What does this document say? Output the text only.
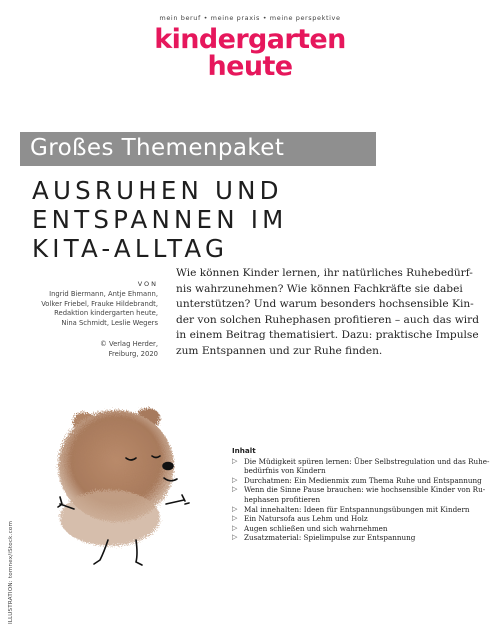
mein beruf • meine praxis • meine perspektive
kindergarten
heute
Großes Themenpaket
AUSRUHEN UND
ENTSPANNEN IM
KITA-ALLTAG
VON
Ingrid Biermann, Antje Ehmann,
Volker Friebel, Frauke Hildebrandt,
Redaktion kindergarten heute,
Nina Schmidt, Leslie Wegers
© Verlag Herder,
Freiburg, 2020
Wie können Kinder lernen, ihr natürliches Ruhebedürf-
nis wahrzunehmen? Wie können Fachkräfte sie dabei
unterstützen? Und warum besonders hochsensible Kin-
der von solchen Ruhephasen profitieren – auch das wird
in einem Beitrag thematisiert. Dazu: praktische Impulse
zum Entspannen und zur Ruhe finden.
Inhalt
▷ Die Müdigkeit spüren lernen: Über Selbstregulation und das Ruhe-
bedürfnis von Kindern
▷ Durchatmen: Ein Medienmix zum Thema Ruhe und Entspannung
▷ Wenn die Sinne Pause brauchen: wie hochsensible Kinder von Ru-
hephasen profitieren
▷ Mal innehalten: Ideen für Entspannungsübungen mit Kindern
▷ Ein Natursofa aus Lehm und Holz
▷ Augen schließen und sich wahrnehmen
▷ Zusatzmaterial: Spielimpulse zur Entspannung
ILLUSTRATION: tomnex/iStock.com
